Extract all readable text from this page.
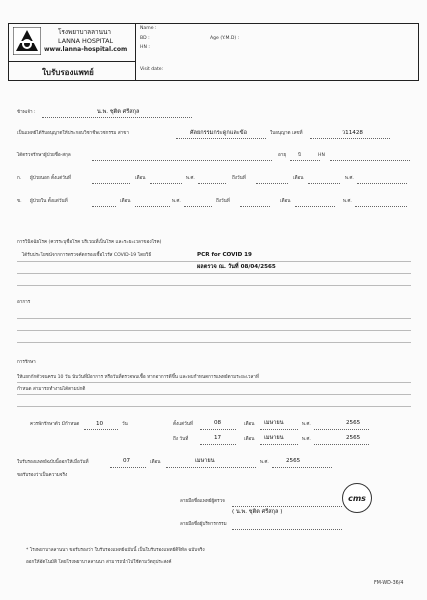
โรงพยาบาลลานนา
LANNA HOSPITAL
www.lanna-hospital.com
ใบรับรองแพทย์
Name :
BD :	Age (Y.M.D) :
HN :
Visit date:
ข้าพเจ้า :	น.พ. ชุติต ศรีสกุล
เป็นแพทย์ได้รับอนุญาตให้ประกอบวิชาชีพเวชกรรม สาขา	ศัลยกรรมกระดูกและข้อ	ใบอนุญาต เลขที่	ว11428
ได้ตรวจรักษาผู้ป่วยชื่อ-สกุล	อายุ	ปี	HN
ก. ผู้ป่วยนอก ตั้งแต่วันที่	เดือน	พ.ศ.	ถึงวันที่	เดือน	พ.ศ.
ข. ผู้ป่วยใน ตั้งแต่วันที่	เดือน	พ.ศ.	ถึงวันที่	เดือน	พ.ศ.
การวินิจฉัยโรค (ควรระบุชื่อโรค บริเวณที่เป็นโรค และระยะเวลาของโรค)
ได้รับประโยชน์จากการตรวจคัดกรองเชื้อไวรัส COVID-19 โดยวิธี	PCR for COVID 19
ผลตรวจ ณ. วันที่ 08/04/2565
อาการ
การรักษา
ให้แยกกักตัวจนครบ 10 วัน นับวันที่มีอาการ หรือวันที่ตรวจพบเชื้อ หากอาการดีขึ้น และพบกำหนดการแพทย์ตามระยะเวลาที่
กำหนด สามารถทำงานได้ตามปกติ
ควรพักรักษาตัว มีกำหนด	10	วัน	ตั้งแต่วันที่	08	เดือน เมษายน	พ.ศ.	2565
ถึง วันที่	17	เดือน เมษายน	พ.ศ.	2565
ใบรับรองแพทย์ฉบับนี้ออกให้เมื่อวันที่	07	เดือน	เมษายน	พ.ศ.	2565
ขอรับรองว่าเป็นความจริง
ลายมือชื่อแพทย์ผู้ตรวจ
( น.พ. ชุติต ศรีสกุล )
ลายมือชื่อผู้บริหารกรรม
cms
* โรงพยาบาลลานนา ขอรับรองว่า ใบรับรองแพทย์ฉบับนี้ เป็นใบรับรองแพทย์ดิจิทัล ฉบับจริง
ออกให้อัตโนมัติ โดยโรงพยาบาลลานนา สามารถนำไปใช้ตามวัตถุประสงค์
FM-WD-36/4
